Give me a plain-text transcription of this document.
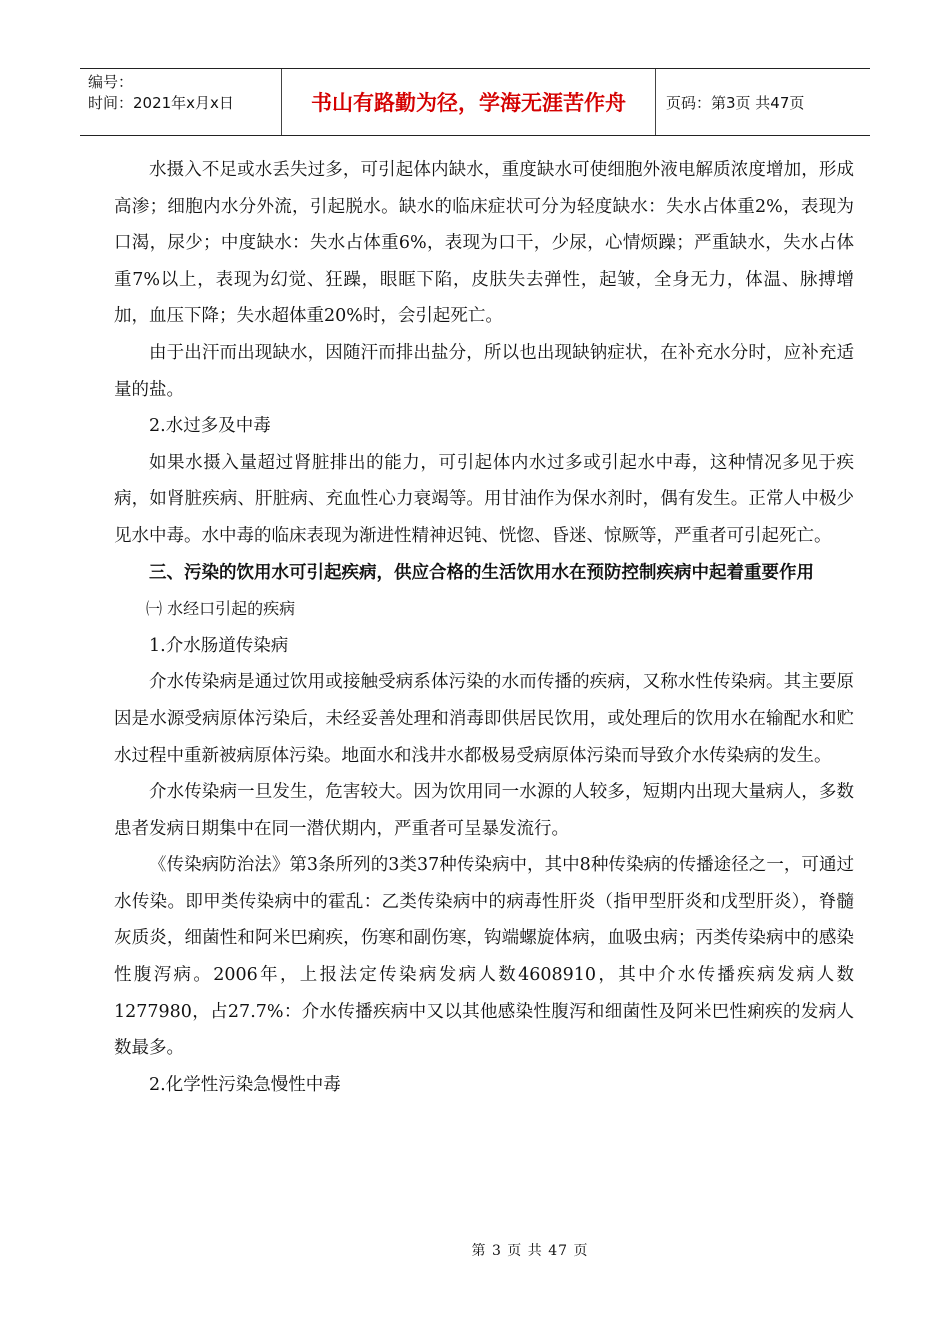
编号：
时间：2021年x月x日	书山有路勤为径，学海无涯苦作舟	页码：第3页 共47页

水摄入不足或水丢失过多，可引起体内缺水，重度缺水可使细胞外液电解质浓度增加，形成高渗；细胞内水分外流，引起脱水。缺水的临床症状可分为轻度缺水：失水占体重2%，表现为口渴，尿少；中度缺水：失水占体重6%，表现为口干，少尿，心情烦躁；严重缺水，失水占体重7%以上，表现为幻觉、狂躁，眼眶下陷，皮肤失去弹性，起皱，全身无力，体温、脉搏增加，血压下降；失水超体重20%时，会引起死亡。

由于出汗而出现缺水，因随汗而排出盐分，所以也出现缺钠症状，在补充水分时，应补充适量的盐。

2.水过多及中毒

如果水摄入量超过肾脏排出的能力，可引起体内水过多或引起水中毒，这种情况多见于疾病，如肾脏疾病、肝脏病、充血性心力衰竭等。用甘油作为保水剂时，偶有发生。正常人中极少见水中毒。水中毒的临床表现为渐进性精神迟钝、恍惚、昏迷、惊厥等，严重者可引起死亡。

三、污染的饮用水可引起疾病，供应合格的生活饮用水在预防控制疾病中起着重要作用

㈠ 水经口引起的疾病

1.介水肠道传染病

介水传染病是通过饮用或接触受病系体污染的水而传播的疾病，又称水性传染病。其主要原因是水源受病原体污染后，未经妥善处理和消毒即供居民饮用，或处理后的饮用水在输配水和贮水过程中重新被病原体污染。地面水和浅井水都极易受病原体污染而导致介水传染病的发生。

介水传染病一旦发生，危害较大。因为饮用同一水源的人较多，短期内出现大量病人，多数患者发病日期集中在同一潜伏期内，严重者可呈暴发流行。

《传染病防治法》第3条所列的3类37种传染病中，其中8种传染病的传播途径之一，可通过水传染。即甲类传染病中的霍乱：乙类传染病中的病毒性肝炎（指甲型肝炎和戊型肝炎），脊髓灰质炎，细菌性和阿米巴痢疾，伤寒和副伤寒，钩端螺旋体病，血吸虫病；丙类传染病中的感染性腹泻病。2006年，上报法定传染病发病人数4608910，其中介水传播疾病发病人数1277980，占27.7%：介水传播疾病中又以其他感染性腹泻和细菌性及阿米巴性痢疾的发病人数最多。

2.化学性污染急慢性中毒

第 3 页 共 47 页
